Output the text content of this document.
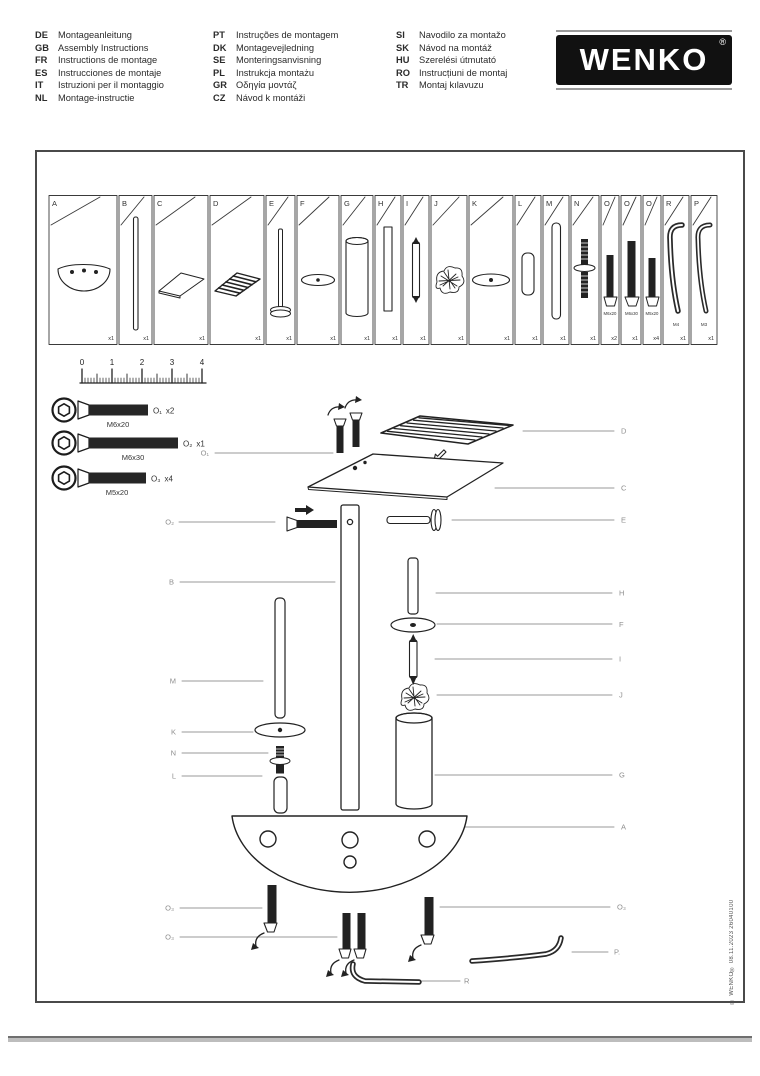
DE	Montageanleitung
GB Assembly Instructions
FR	Instructions de montage
ES	Instrucciones de montaje
IT	Istruzioni per il montaggio
NL	Montage-instructie
PT	Instruções de montagem
DK	Montagevejledning
SE	Monteringsanvisning
PL	Instrukcja montażu
GR Οδηγία μοντάζ
CZ	Návod k montáži
SI	Navodilo za montažo
SK	Návod na montáž
HU	Szerelési útmutató
RO Instrucțiuni de montaj
TR	Montaj kılavuzu
WENKO ®
A
x1
B
x1
C
x1
D
x1
E
x1
F
x1
G
x1
H
x1
I
x1
J
x1
K
x1
L
x1
M
x1
N
x1
O
M6x20
x2
O
M6x30
x1
O
M5x20
x4
R
M4
x1
P
M3
x1
0	1	2	3	4
O₁ x2
M6x20
O₂ x1
M6x30
O₃ x4
M5x20
D
C
E
H
F
I
J
G
A
O₃
P.
R
O₁
O₂
B
M
K
N
L
O₃
O₃	© WENKO® 08.11.2023 26040100
